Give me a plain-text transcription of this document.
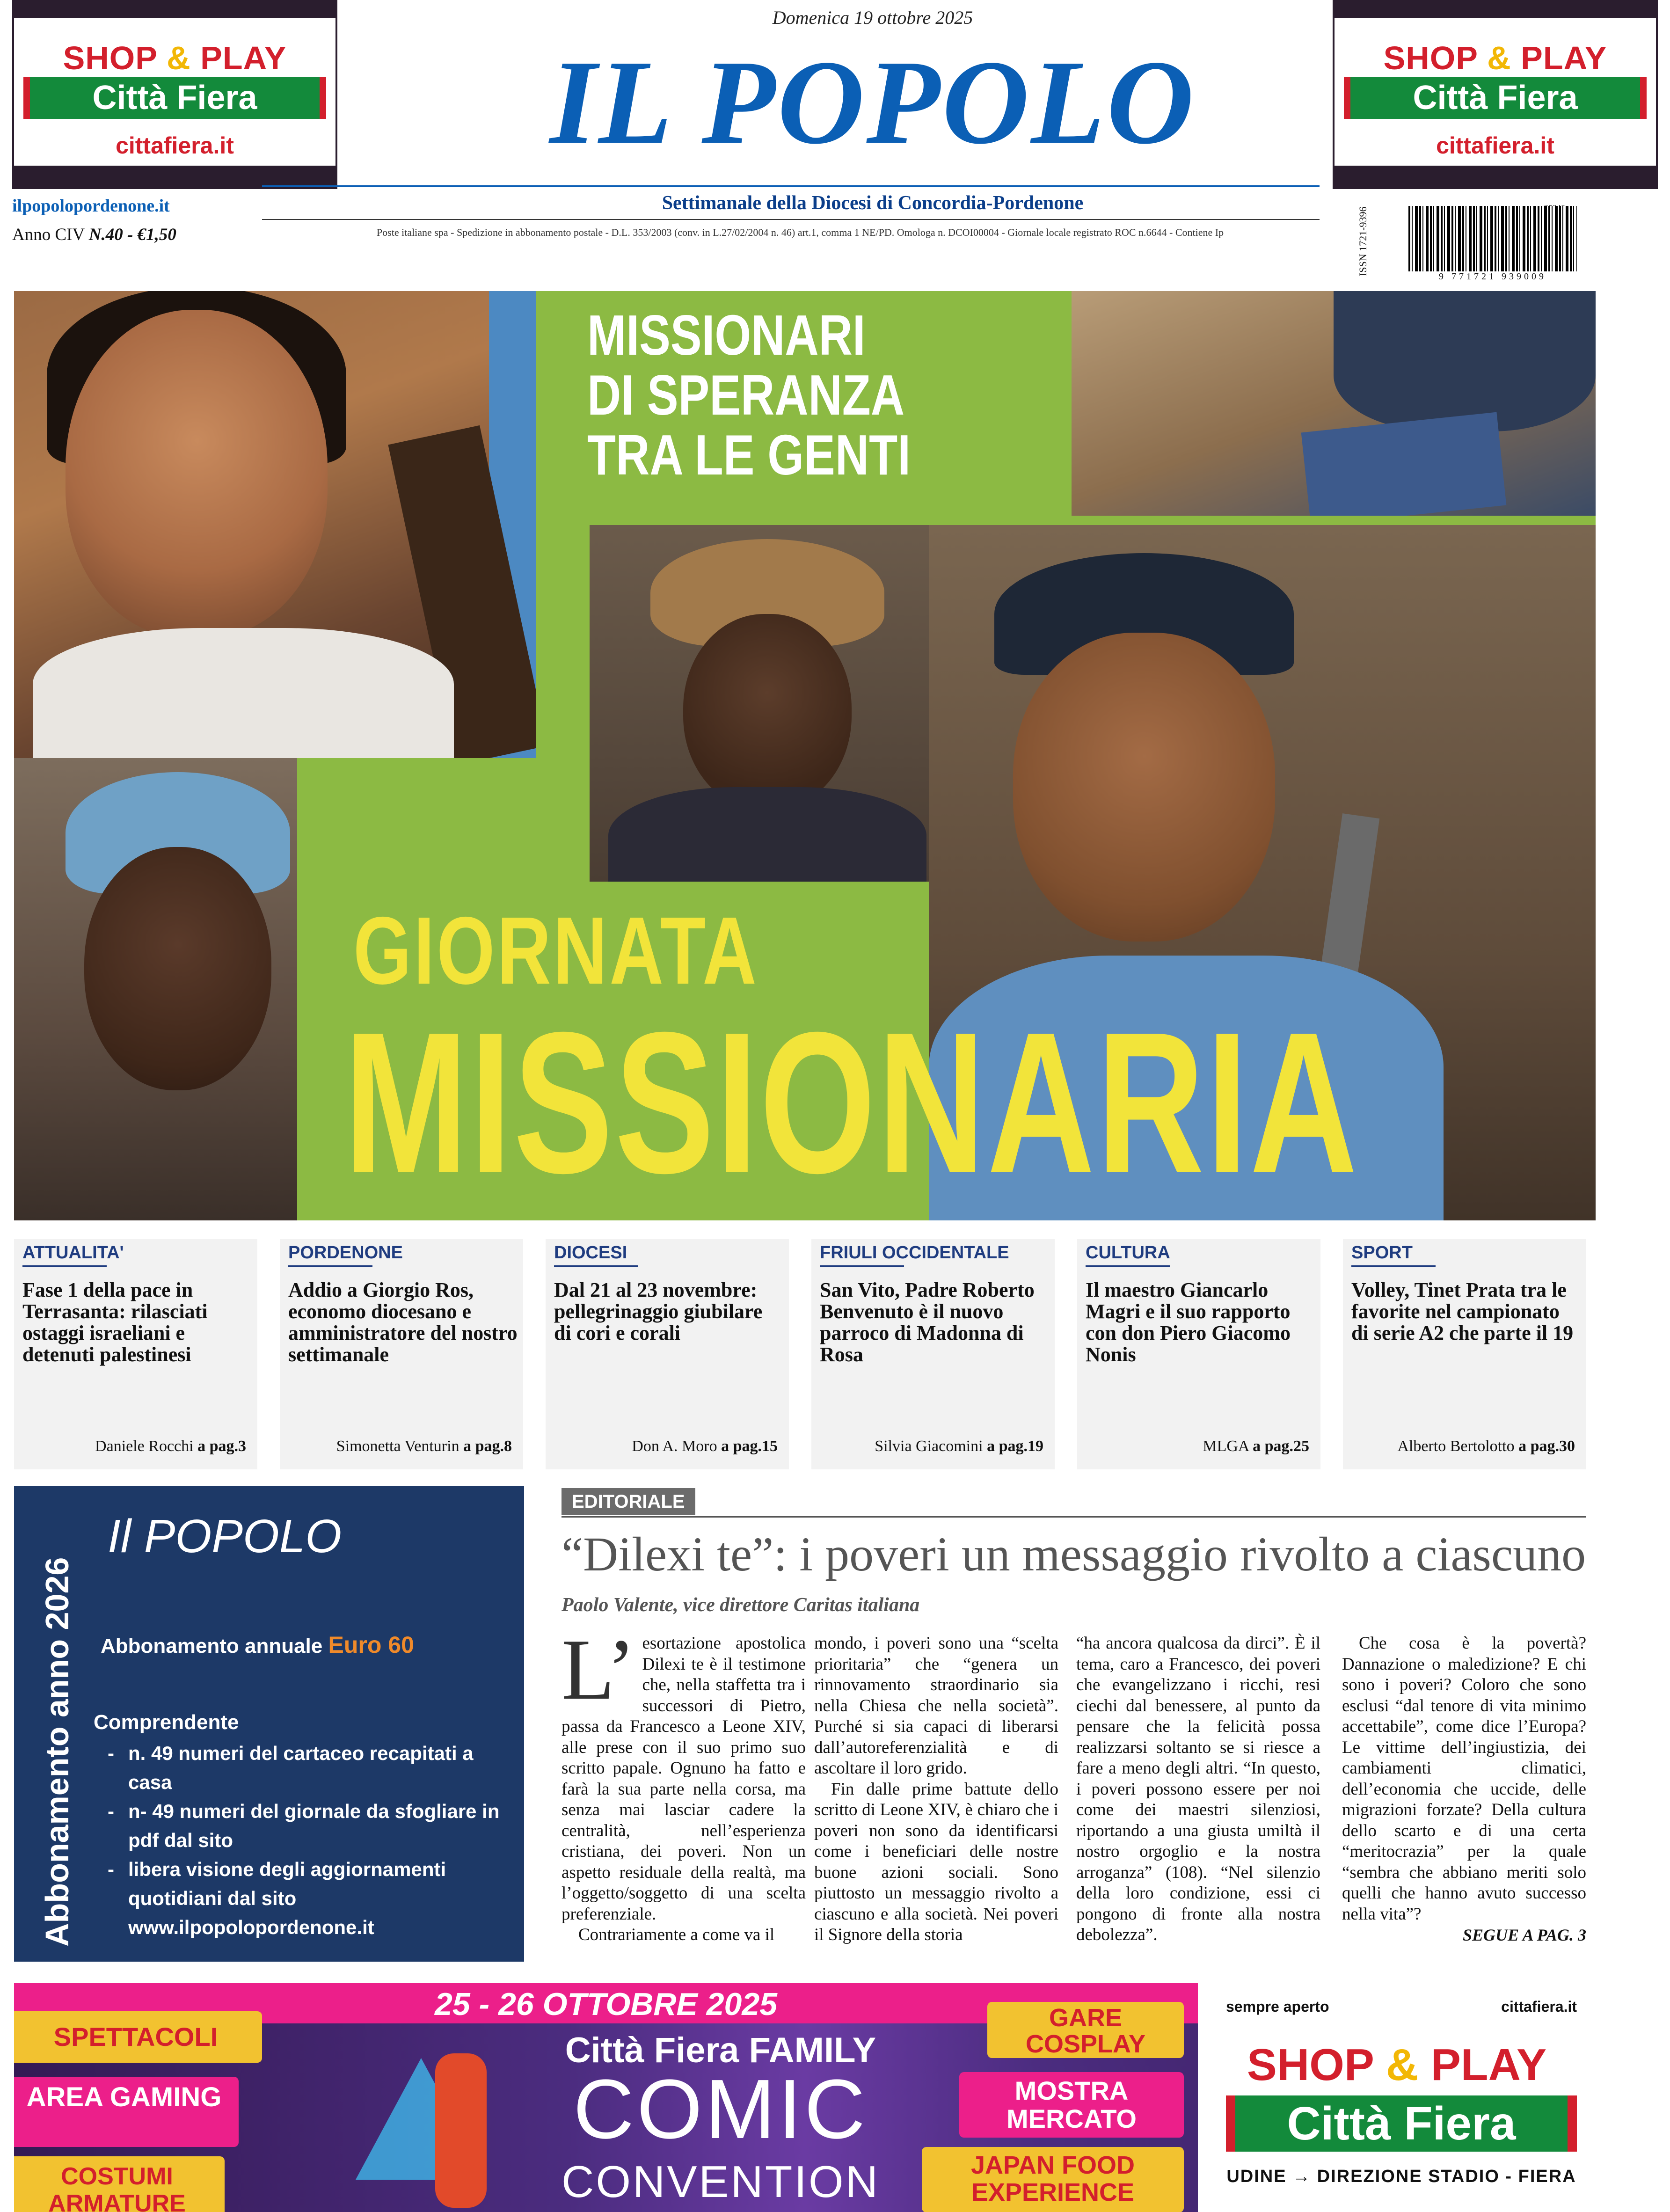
SHOP & PLAY
Città Fiera
cittafiera.it
SHOP & PLAY
Città Fiera
cittafiera.it
Domenica 19 ottobre 2025
IL POPOLO
Settimanale della Diocesi di Concordia-Pordenone
Poste italiane spa - Spedizione in abbonamento postale - D.L. 353/2003 (conv. in L.27/02/2004 n. 46) art.1, comma 1 NE/PD. Omologa n. DCOI00004 - Giornale locale registrato ROC n.6644 - Contiene Ip
ilpopolopordenone.it
Anno CIV N.40 - €1,50	ISSN 1721-9396
9 771721 939009
MISSIONARI
DI SPERANZA
TRA LE GENTI
GIORNATA
MISSIONARIA
ATTUALITA'
Fase 1 della pace in Terrasanta: rilasciati ostaggi israeliani e detenuti palestinesi
Daniele Rocchi a pag.3
PORDENONE
Addio a Giorgio Ros, economo diocesano e amministratore del nostro settimanale
Simonetta Venturin a pag.8
DIOCESI
Dal 21 al 23 novembre: pellegrinaggio giubilare di cori e corali
Don A. Moro a pag.15
FRIULI OCCIDENTALE
San Vito, Padre Roberto Benvenuto è il nuovo parroco di Madonna di Rosa
Silvia Giacomini a pag.19
CULTURA
Il maestro Giancarlo Magri e il suo rapporto con don Piero Giacomo Nonis
MLGA a pag.25
SPORT
Volley, Tinet Prata tra le favorite nel campionato di serie A2 che parte il 19
Alberto Bertolotto a pag.30
Abbonamento anno 2026
Il POPOLO
Abbonamento annuale Euro 60
Comprendente
- n. 49 numeri del cartaceo recapitati a casa
- n- 49 numeri del giornale da sfogliare in pdf dal sito
- libera visione degli aggiornamenti quotidiani dal sito www.ilpopolopordenone.it
EDITORIALE
“Dilexi te”: i poveri un messaggio rivolto a ciascuno
Paolo Valente, vice direttore Caritas italiana
L’ esortazione apostolica Dilexi te è il testimone che, nella staffetta tra i successori di Pietro, passa da Francesco a Leone XIV, alle prese con il suo primo suo scritto papale. Ognuno ha fatto e farà la sua parte nella corsa, ma senza mai lasciar cadere la centralità, nell’esperienza cristiana, dei poveri. Non un aspetto residuale della realtà, ma l’oggetto/soggetto di una scelta preferenziale.

Contrariamente a come va il

mondo, i poveri sono una “scelta prioritaria” che “genera un rinnovamento straordinario sia nella Chiesa che nella società”. Purché si sia capaci di liberarsi dall’autoreferenzialità e di ascoltare il loro grido.

Fin dalle prime battute dello scritto di Leone XIV, è chiaro che i poveri non sono da identificarsi come i beneficiari delle nostre buone azioni sociali. Sono piuttosto un messaggio rivolto a ciascuno e alla società. Nei poveri il Signore della storia

“ha ancora qualcosa da dirci”. È il tema, caro a Francesco, dei poveri che evangelizzano i ricchi, resi ciechi dal benessere, al punto da pensare che la felicità possa realizzarsi soltanto se si riesce a fare a meno degli altri. “In questo, i poveri possono essere per noi come dei maestri silenziosi, riportando a una giusta umiltà il nostro orgoglio e la nostra arroganza” (108). “Nel silenzio della loro condizione, essi ci pongono di fronte alla nostra debolezza”.

Che cosa è la povertà? Dannazione o maledizione? E chi sono i poveri? Coloro che sono esclusi “dal tenore di vita minimo accettabile”, come dice l’Europa? Le vittime dell’ingiustizia, dei cambiamenti climatici, dell’economia che uccide, delle migrazioni forzate? Della cultura dello scarto e di una certa “meritocrazia” per la quale “sembra che abbiano meriti solo quelli che hanno avuto successo nella vita”?

SEGUE A PAG. 3
25 - 26 OTTOBRE 2025
SPETTACOLI
AREA GAMING
COSTUMI ARMATURE
Città Fiera FAMILY
COMIC
CONVENTION
GARE COSPLAY
MOSTRA MERCATO
JAPAN FOOD EXPERIENCE
sempre aperto	cittafiera.it
SHOP & PLAY
Città Fiera
UDINE → DIREZIONE STADIO - FIERA
